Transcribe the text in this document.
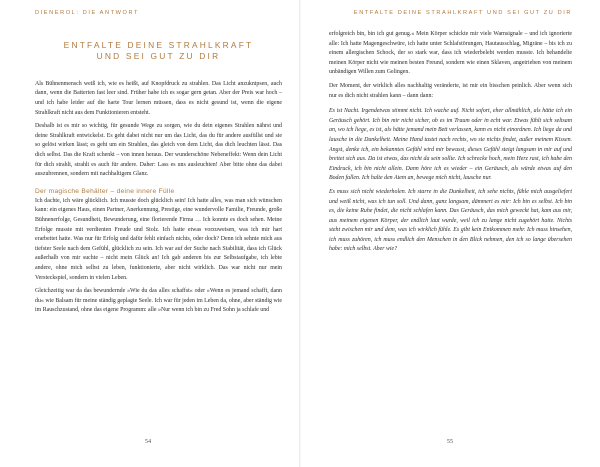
DIENEROL: DIE ANTWORT
ENTFALTE DEINE STRAHLKRAFT
UND SEI GUT ZU DIR

Als Bühnenmensch weiß ich, wie es heißt, auf Knopfdruck zu strahlen. Das Licht anzuknipsen, auch dann, wenn die Batterien fast leer sind. Früher habe ich es sogar gern getan. Aber der Preis war hoch – und ich habe leider auf die harte Tour lernen müssen, dass es nicht gesund ist, wenn die eigene Strahlkraft nicht aus dem Funktionieren entsteht.

Deshalb ist es mir so wichtig, für gesunde Wege zu sorgen, wie du dein eigenes Strahlen nährst und deine Strahlkraft entwickelst. Es geht dabei nicht nur um das Licht, das du für andere ausfüllst und sie so gelöst wirken lässt; es geht um ein Strahlen, das gleich von dem Licht, das dich leuchten lässt. Das dich selbst. Das die Kraft schenkt – von innen heraus. Der wunderschöne Nebeneffekt: Wenn dein Licht für dich strahlt, strahlt es auch für andere. Daher: Lass es uns ausleuchten! Aber bitte ohne das dabei auszubrennen, sondern mit nachhaltigem Glanz.

Der magische Behälter – deine innere Fülle

Ich dachte, ich wäre glücklich. Ich musste doch glücklich sein! Ich hatte alles, was man sich wünschen kann: ein eigenes Haus, einen Partner, Anerkennung, Prestige, eine wundervolle Familie, Freunde, große Bühnenerfolge, Gesundheit, Bewunderung, eine florierende Firma … Ich konnte es doch sehen. Meine Erfolge musste mit verdienten Freude und Stolz. Ich hatte etwas vorzuweisen, was ich mir hart erarbeitet hatte. Was nur für Erfolg und dafür fehlt einfach nichts, oder doch? Denn ich sehnte mich aus tiefster Seele nach dem Gefühl, glücklich zu sein. Ich war auf der Suche nach Stabilität, dass ich Glück außerhalb von mir suchte – nicht mein Glück an! Ich gab anderen bis zur Selbstaufgabe, ich lebte andere, ohne mich selbst zu leben, funktionierte, aber nicht wirklich. Das war nicht nur mein Versteckspiel, sondern in vielen Leben.

Gleichzeitig war da das bewundernde »Wie du das alles schaffst« oder »Wenn es jemand schafft, dann du« wie Balsam für meine ständig geplagte Seele. Ich war für jeden im Leben da, ohne, aber ständig wie im Rauschzustand, ohne das eigene Programm: alle »Nur wenn ich bin zu Fred Sohn ja schlafe und

54
ENTFALTE DEINE STRAHLKRAFT UND SEI GUT ZU DIR

erfolgreich bin, bin ich gut genug.« Mein Körper schickte mir viele Warnsignale – und ich ignorierte alle: Ich hatte Magengeschwüre, ich hatte unter Schlafstörungen, Hautausschlag, Migräne – bis ich zu einem allergischen Schock, der so stark war, dass ich wiederbelebt werden musste. Ich behandelte meinen Körper nicht wie meinen besten Freund, sondern wie einen Sklaven, angetrieben von meinem unbändigen Willen zum Gelingen.

Der Moment, der wirklich alles nachhaltig veränderte, ist mir ein bisschen peinlich. Aber wenn sich nur es dich nicht strahlen kann – dann dann:

Es ist Nacht. Irgendetwas stimmt nicht. Ich wache auf. Nicht sofort, eher allmählich, als hätte ich ein Geräusch gehört. Ich bin mir nicht sicher, ob es im Traum oder in echt war. Etwas fühlt sich seltsam an, wo ich liege, es ist, als hätte jemand mein Bett verlassen, kann es nicht einordnen. Ich liege da und lausche in die Dunkelheit. Meine Hand tastet nach rechts, wo sie nichts findet, außer meinem Kissen. Angst, denke ich, ein bekanntes Gefühl wird mir bewusst, dieses Gefühl steigt langsam in mir auf und breitet sich aus. Da ist etwas, das nicht da sein sollte. Ich schrecke hoch, mein Herz rast, ich habe den Eindruck, ich bin nicht allein. Dann höre ich es wieder – ein Geräusch, als würde etwas auf den Boden fallen. Ich halte den Atem an, bewege mich nicht, lausche nur.

Es muss sich nicht wiederholen. Ich starre in die Dunkelheit, ich sehe nichts, fühle mich ausgeliefert und weiß nicht, was ich tun soll. Und dann, ganz langsam, dämmert es mir: Ich bin es selbst. Ich bin es, die keine Ruhe findet, die nicht schlafen kann. Das Geräusch, das mich geweckt hat, kam aus mir, aus meinem eigenen Körper, der endlich laut wurde, weil ich zu lange nicht zugehört hatte. Nichts steht zwischen mir und dem, was ich wirklich fühle. Es gibt kein Entkommen mehr. Ich muss hinsehen, ich muss zuhören, ich muss endlich den Menschen in den Blick nehmen, den ich so lange übersehen habe: mich selbst. Aber wie?

55
